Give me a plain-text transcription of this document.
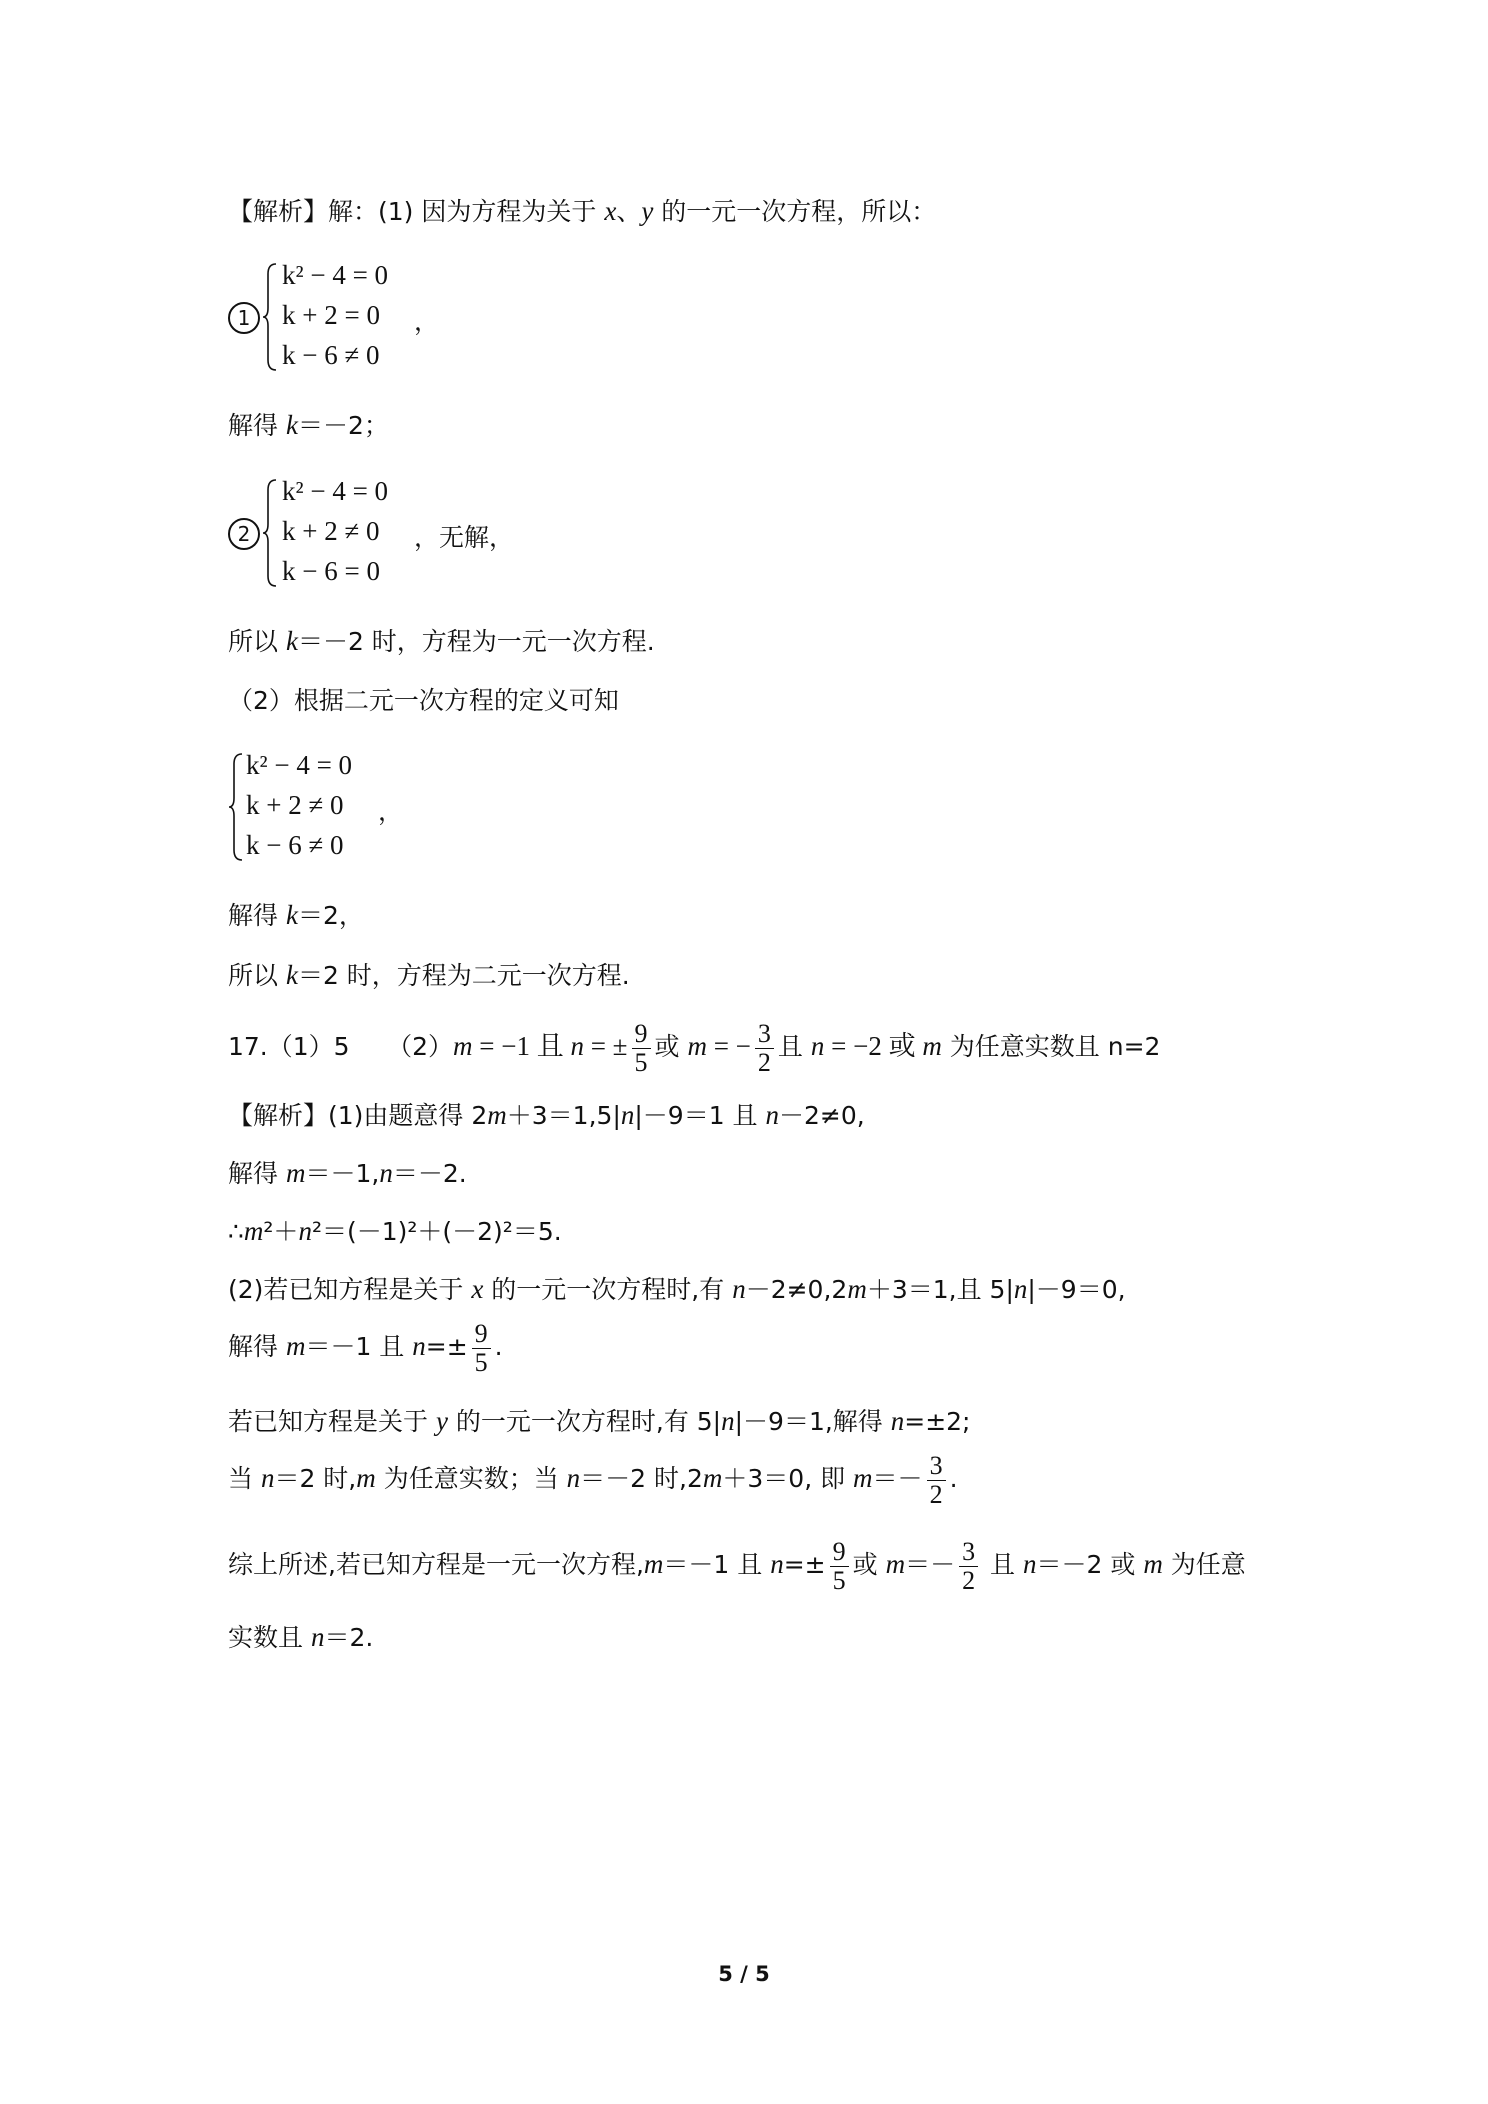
【解析】解：(1) 因为方程为关于 x、y 的一元一次方程，所以：
1
k² − 4 = 0
k + 2 = 0
k − 6 ≠ 0
，
解得 k＝－2；
2
k² − 4 = 0
k + 2 ≠ 0
k − 6 = 0
，无解，
所以 k＝－2 时，方程为一元一次方程.
（2）根据二元一次方程的定义可知
k² − 4 = 0
k + 2 ≠ 0
k − 6 ≠ 0
，
解得 k＝2，
所以 k＝2 时，方程为二元一次方程.
17.（1）5　　（2）m = −1 且 n = ± $\frac{9}{5}$ 或 m = − $\frac{3}{2}$ 且 n = −2 或 m 为任意实数且 n=2
【解析】(1)由题意得 2m＋3＝1,5|n|－9＝1 且 n－2≠0,
解得 m＝－1,n＝－2.
∴m²＋n²＝(－1)²＋(－2)²＝5.
(2)若已知方程是关于 x 的一元一次方程时,有 n－2≠0,2m＋3＝1,且 5|n|－9＝0,
解得 m＝－1 且 $n=\pm \frac{9}{5}$ .
若已知方程是关于 y 的一元一次方程时,有 5|n|－9＝1,解得 n=±2;
当 n＝2 时,m 为任意实数；当 n＝－2 时,2m＋3＝0, 即 $m=- \frac{3}{2}$ .
综上所述,若已知方程是一元一次方程,m＝－1 且 $n=\pm \frac{9}{5}$ 或 $m=- \frac{3}{2}$ 且 n＝－2 或 m 为任意
实数且 n＝2.
5 / 5
